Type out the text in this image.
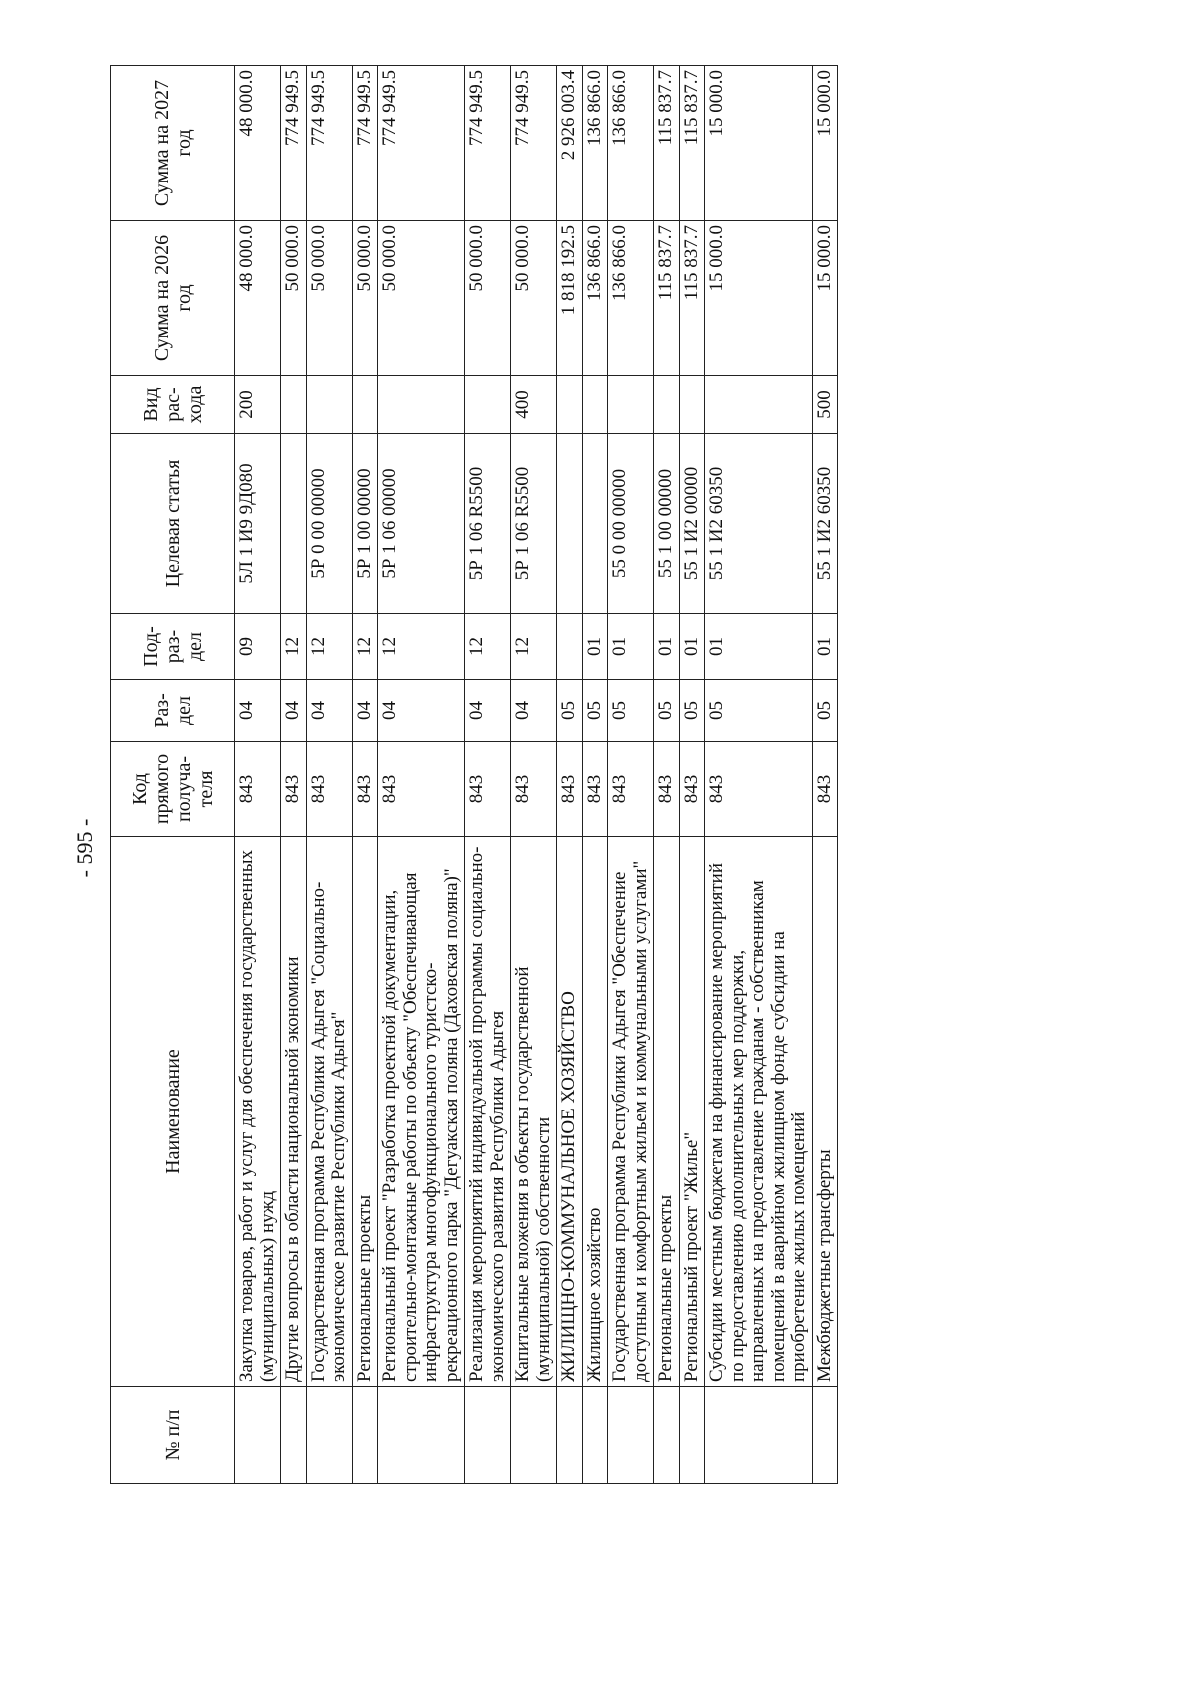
- 595 -
№ п/п	Наименование	Код прямого получа-теля	Раз-дел	Под-раз-дел	Целевая статья	Вид рас-хода	Сумма на 2026 год	Сумма на 2027 год
	Закупка товаров, работ и услуг для обеспечения государственных (муниципальных) нужд	843	04	09	5Л 1 И9 9Д080	200	48 000.0	48 000.0
	Другие вопросы в области национальной экономики	843	04	12			50 000.0	774 949.5
	Государственная программа Республики Адыгея "Социально-экономическое развитие Республики Адыгея"	843	04	12	5Р 0 00 00000		50 000.0	774 949.5
	Региональные проекты	843	04	12	5Р 1 00 00000		50 000.0	774 949.5
	Региональный проект "Разработка проектной документации, строительно-монтажные работы по объекту "Обеспечивающая инфраструктура многофункционального туристско-рекреационного парка "Дегуакская поляна (Даховская поляна)"	843	04	12	5Р 1 06 00000		50 000.0	774 949.5
	Реализация мероприятий индивидуальной программы социально-экономического развития Республики Адыгея	843	04	12	5Р 1 06 R5500		50 000.0	774 949.5
	Капитальные вложения в объекты государственной (муниципальной) собственности	843	04	12	5Р 1 06 R5500	400	50 000.0	774 949.5
	ЖИЛИЩНО-КОММУНАЛЬНОЕ ХОЗЯЙСТВО	843	05				1 818 192.5	2 926 003.4
	Жилищное хозяйство	843	05	01			136 866.0	136 866.0
	Государственная программа Республики Адыгея "Обеспечение доступным и комфортным жильем и коммунальными услугами"	843	05	01	55 0 00 00000		136 866.0	136 866.0
	Региональные проекты	843	05	01	55 1 00 00000		115 837.7	115 837.7
	Региональный проект "Жилье"	843	05	01	55 1 И2 00000		115 837.7	115 837.7
	Субсидии местным бюджетам на финансирование мероприятий по предоставлению дополнительных мер поддержки, направленных на предоставление гражданам - собственникам помещений в аварийном жилищном фонде субсидии на приобретение жилых помещений	843	05	01	55 1 И2 60350		15 000.0	15 000.0
	Межбюджетные трансферты	843	05	01	55 1 И2 60350	500	15 000.0	15 000.0
